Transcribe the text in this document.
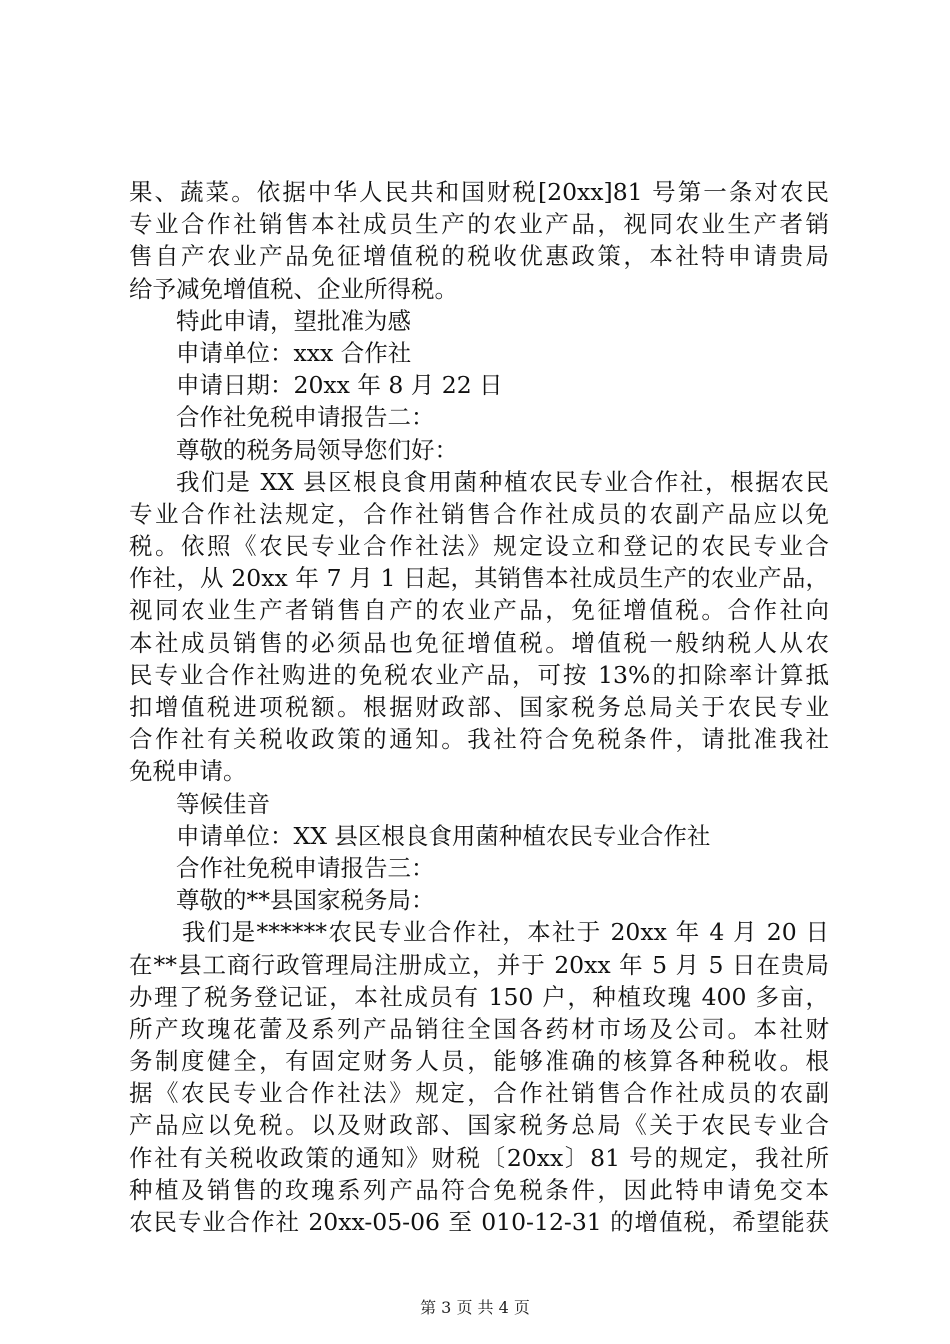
果、蔬菜。依据中华人民共和国财税[20xx]81 号第一条对农民
专业合作社销售本社成员生产的农业产品，视同农业生产者销
售自产农业产品免征增值税的税收优惠政策，本社特申请贵局
给予减免增值税、企业所得税。
特此申请，望批准为感
申请单位：xxx 合作社
申请日期：20xx 年 8 月 22 日
合作社免税申请报告二：
尊敬的税务局领导您们好：
我们是 XX 县区根良食用菌种植农民专业合作社，根据农民
专业合作社法规定，合作社销售合作社成员的农副产品应以免
税。依照《农民专业合作社法》规定设立和登记的农民专业合
作社，从 20xx 年 7 月 1 日起，其销售本社成员生产的农业产品，
视同农业生产者销售自产的农业产品，免征增值税。合作社向
本社成员销售的必须品也免征增值税。增值税一般纳税人从农
民专业合作社购进的免税农业产品，可按 13%的扣除率计算抵
扣增值税进项税额。根据财政部、国家税务总局关于农民专业
合作社有关税收政策的通知。我社符合免税条件，请批准我社
免税申请。
等候佳音
申请单位：XX 县区根良食用菌种植农民专业合作社
合作社免税申请报告三：
尊敬的**县国家税务局：
我们是******农民专业合作社，本社于 20xx 年 4 月 20 日
在**县工商行政管理局注册成立，并于 20xx 年 5 月 5 日在贵局
办理了税务登记证，本社成员有 150 户，种植玫瑰 400 多亩，
所产玫瑰花蕾及系列产品销往全国各药材市场及公司。本社财
务制度健全，有固定财务人员，能够准确的核算各种税收。根
据《农民专业合作社法》规定，合作社销售合作社成员的农副
产品应以免税。以及财政部、国家税务总局《关于农民专业合
作社有关税收政策的通知》财税〔20xx〕81 号的规定，我社所
种植及销售的玫瑰系列产品符合免税条件，因此特申请免交本
农民专业合作社 20xx-05-06 至 010-12-31 的增值税，希望能获
第 3 页 共 4 页
